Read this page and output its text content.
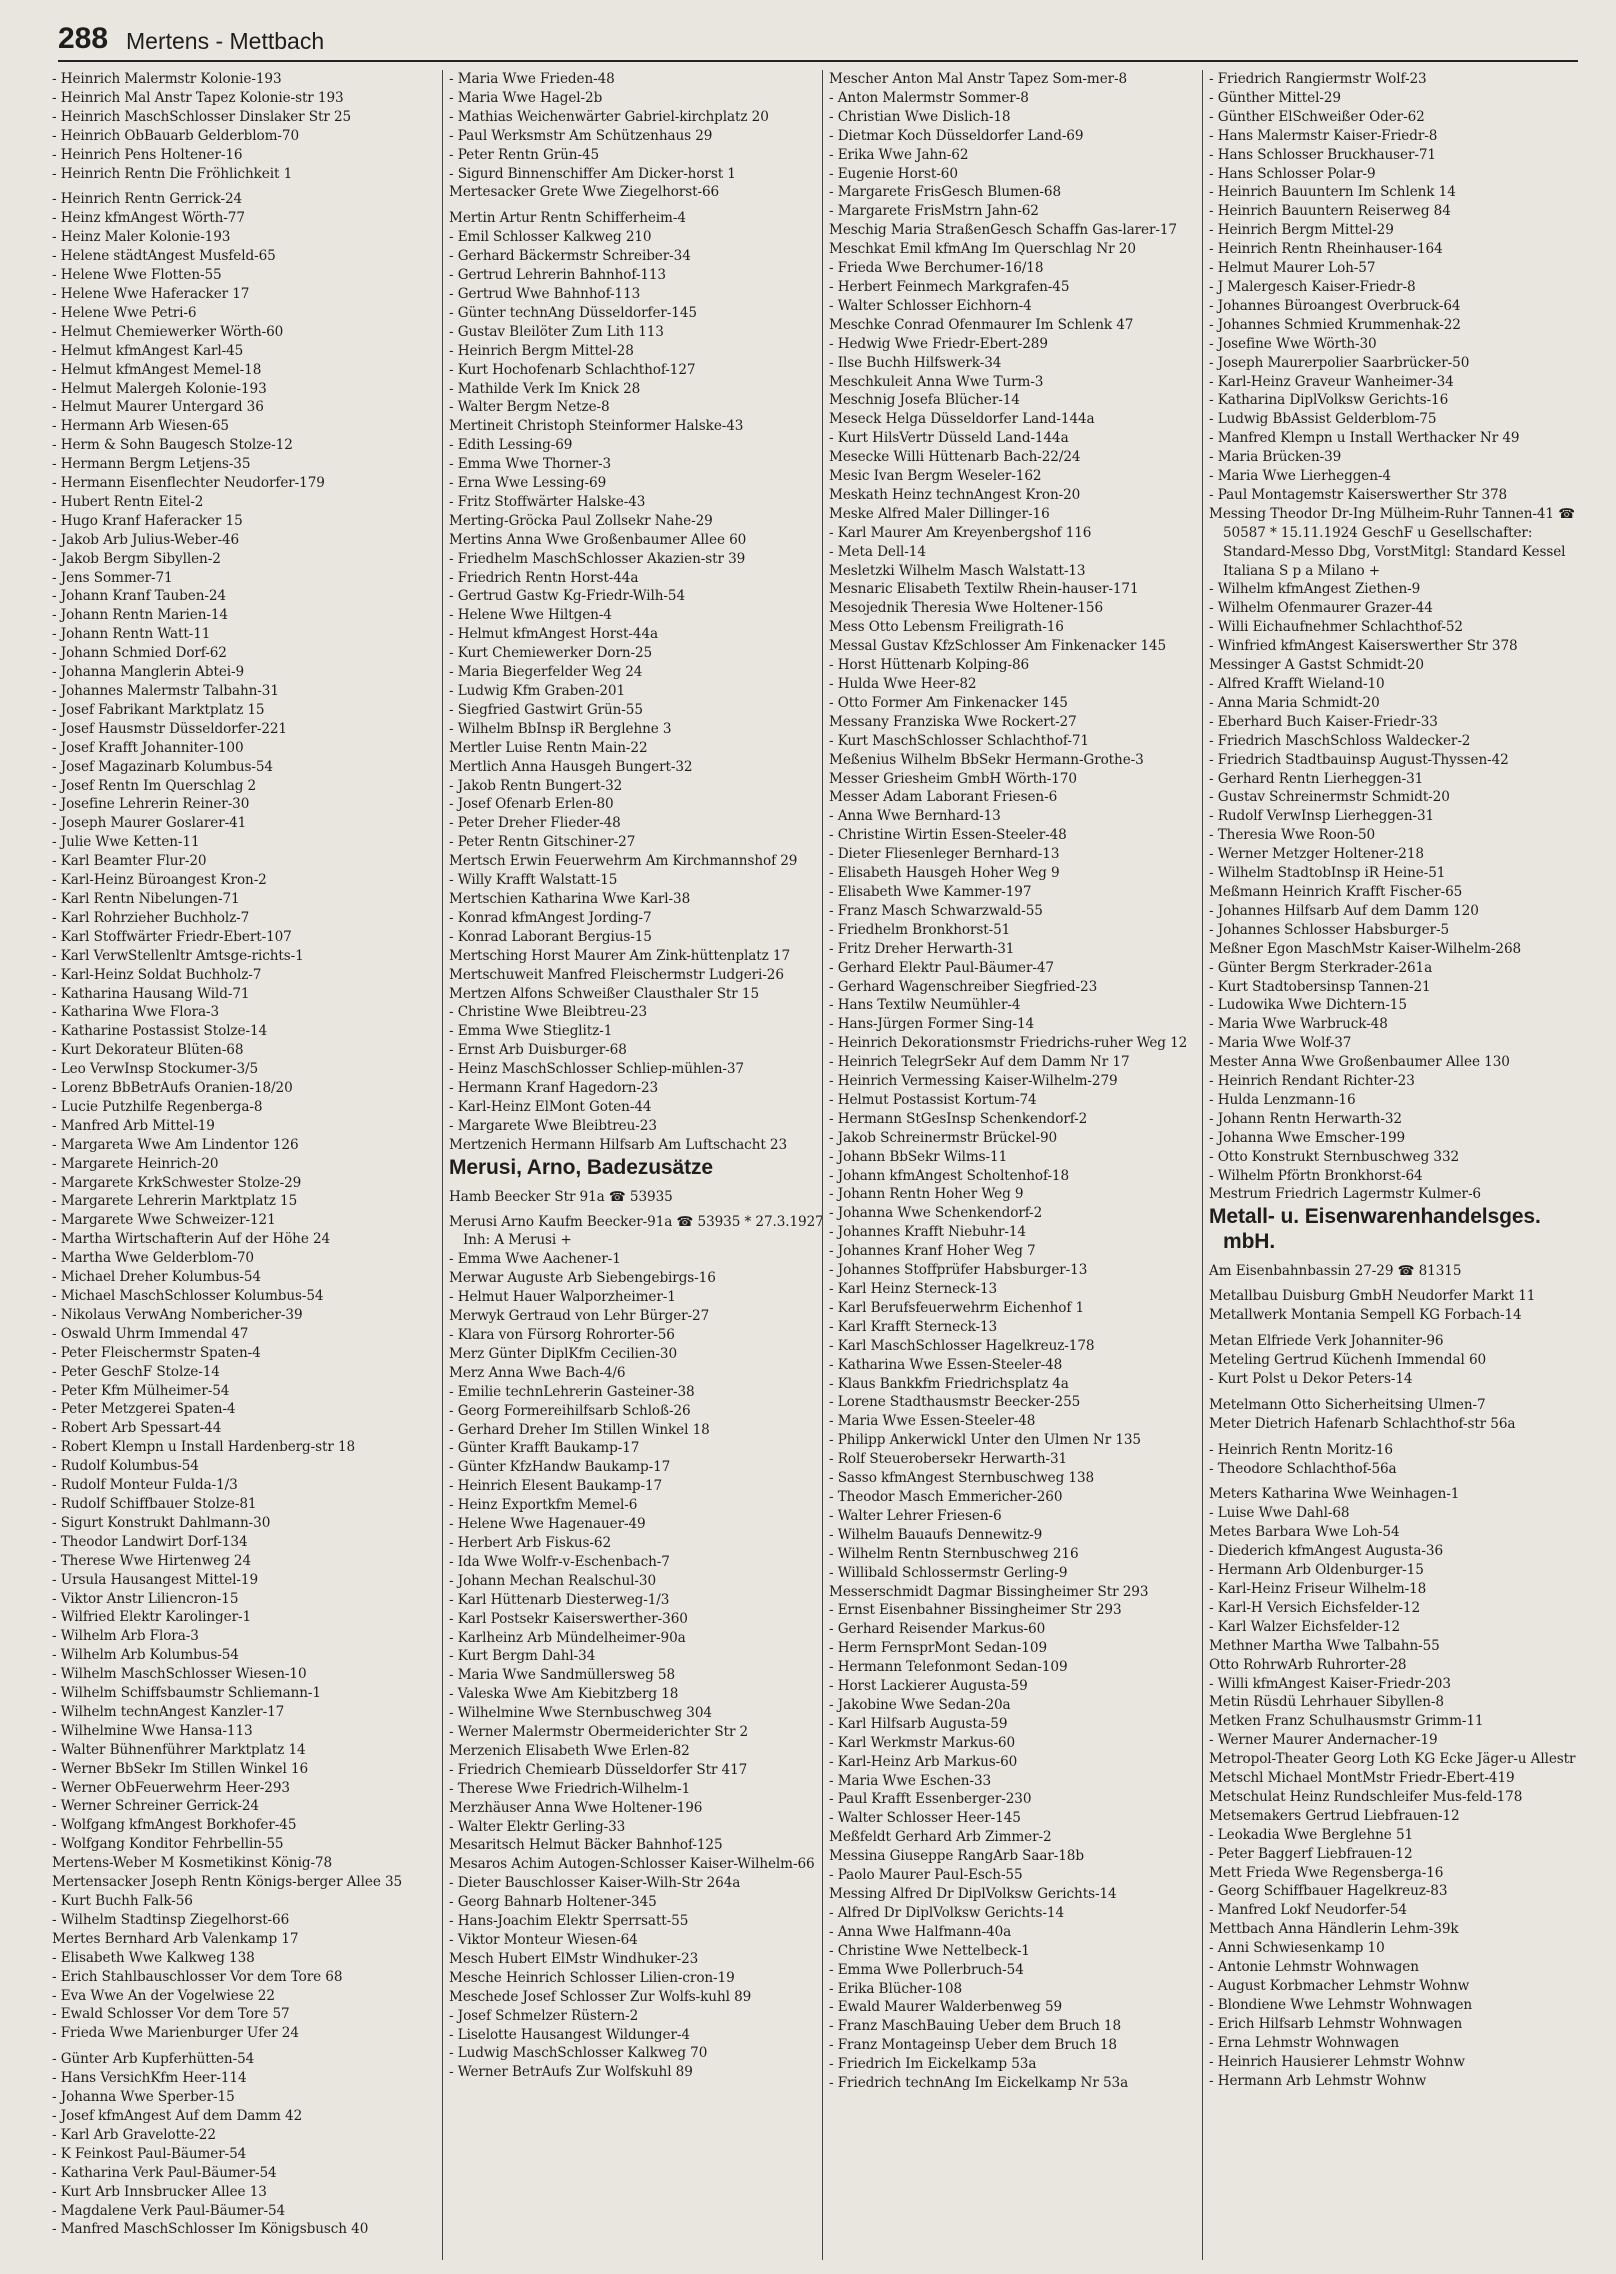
288 Mertens - Mettbach

- Heinrich Malermstr Kolonie-193

- Heinrich Mal Anstr Tapez Kolonie-str 193

- Heinrich MaschSchlosser Dinslaker Str 25

- Heinrich ObBauarb Gelderblom-70

- Heinrich Pens Holtener-16

- Heinrich Rentn Die Fröhlichkeit 1

- Heinrich Rentn Gerrick-24

- Heinz kfmAngest Wörth-77

- Heinz Maler Kolonie-193

- Helene städtAngest Musfeld-65

- Helene Wwe Flotten-55

- Helene Wwe Haferacker 17

- Helene Wwe Petri-6

- Helmut Chemiewerker Wörth-60

- Helmut kfmAngest Karl-45

- Helmut kfmAngest Memel-18

- Helmut Malergeh Kolonie-193

- Helmut Maurer Untergard 36

- Hermann Arb Wiesen-65

- Herm & Sohn Baugesch Stolze-12

- Hermann Bergm Letjens-35

- Hermann Eisenflechter Neudorfer-179

- Hubert Rentn Eitel-2

- Hugo Kranf Haferacker 15

- Jakob Arb Julius-Weber-46

- Jakob Bergm Sibyllen-2

- Jens Sommer-71

- Johann Kranf Tauben-24

- Johann Rentn Marien-14

- Johann Rentn Watt-11

- Johann Schmied Dorf-62

- Johanna Manglerin Abtei-9

- Johannes Malermstr Talbahn-31

- Josef Fabrikant Marktplatz 15

- Josef Hausmstr Düsseldorfer-221

- Josef Krafft Johanniter-100

- Josef Magazinarb Kolumbus-54

- Josef Rentn Im Querschlag 2

- Josefine Lehrerin Reiner-30

- Joseph Maurer Goslarer-41

- Julie Wwe Ketten-11

- Karl Beamter Flur-20

- Karl-Heinz Büroangest Kron-2

- Karl Rentn Nibelungen-71

- Karl Rohrzieher Buchholz-7

- Karl Stoffwärter Friedr-Ebert-107

- Karl VerwStellenltr Amtsge-richts-1

- Karl-Heinz Soldat Buchholz-7

- Katharina Hausang Wild-71

- Katharina Wwe Flora-3

- Katharine Postassist Stolze-14

- Kurt Dekorateur Blüten-68

- Leo VerwInsp Stockumer-3/5

- Lorenz BbBetrAufs Oranien-18/20

- Lucie Putzhilfe Regenberga-8

- Manfred Arb Mittel-19

- Margareta Wwe Am Lindentor 126

- Margarete Heinrich-20

- Margarete KrkSchwester Stolze-29

- Margarete Lehrerin Marktplatz 15

- Margarete Wwe Schweizer-121

- Martha Wirtschafterin Auf der Höhe 24

- Martha Wwe Gelderblom-70

- Michael Dreher Kolumbus-54

- Michael MaschSchlosser Kolumbus-54

- Nikolaus VerwAng Nombericher-39

- Oswald Uhrm Immendal 47

- Peter Fleischermstr Spaten-4

- Peter GeschF Stolze-14

- Peter Kfm Mülheimer-54

- Peter Metzgerei Spaten-4

- Robert Arb Spessart-44

- Robert Klempn u Install Hardenberg-str 18

- Rudolf Kolumbus-54

- Rudolf Monteur Fulda-1/3

- Rudolf Schiffbauer Stolze-81

- Sigurt Konstrukt Dahlmann-30

- Theodor Landwirt Dorf-134

- Therese Wwe Hirtenweg 24

- Ursula Hausangest Mittel-19

- Viktor Anstr Liliencron-15

- Wilfried Elektr Karolinger-1

- Wilhelm Arb Flora-3

- Wilhelm Arb Kolumbus-54

- Wilhelm MaschSchlosser Wiesen-10

- Wilhelm Schiffsbaumstr Schliemann-1

- Wilhelm technAngest Kanzler-17

- Wilhelmine Wwe Hansa-113

- Walter Bühnenführer Marktplatz 14

- Werner BbSekr Im Stillen Winkel 16

- Werner ObFeuerwehrm Heer-293

- Werner Schreiner Gerrick-24

- Wolfgang kfmAngest Borkhofer-45

- Wolfgang Konditor Fehrbellin-55

Mertens-Weber M Kosmetikinst König-78

Mertensacker Joseph Rentn Königs-berger Allee 35

- Kurt Buchh Falk-56

- Wilhelm Stadtinsp Ziegelhorst-66

Mertes Bernhard Arb Valenkamp 17

- Elisabeth Wwe Kalkweg 138

- Erich Stahlbauschlosser Vor dem Tore 68

- Eva Wwe An der Vogelwiese 22

- Ewald Schlosser Vor dem Tore 57

- Frieda Wwe Marienburger Ufer 24

- Günter Arb Kupferhütten-54

- Hans VersichKfm Heer-114

- Johanna Wwe Sperber-15

- Josef kfmAngest Auf dem Damm 42

- Karl Arb Gravelotte-22

- K Feinkost Paul-Bäumer-54

- Katharina Verk Paul-Bäumer-54

- Kurt Arb Innsbrucker Allee 13

- Magdalene Verk Paul-Bäumer-54

- Manfred MaschSchlosser Im Königsbusch 40

- Maria Wwe Frieden-48

- Maria Wwe Hagel-2b

- Mathias Weichenwärter Gabriel-kirchplatz 20

- Paul Werksmstr Am Schützenhaus 29

- Peter Rentn Grün-45

- Sigurd Binnenschiffer Am Dicker-horst 1

Mertesacker Grete Wwe Ziegelhorst-66

Mertin Artur Rentn Schifferheim-4

- Emil Schlosser Kalkweg 210

- Gerhard Bäckermstr Schreiber-34

- Gertrud Lehrerin Bahnhof-113

- Gertrud Wwe Bahnhof-113

- Günter technAng Düsseldorfer-145

- Gustav Bleilöter Zum Lith 113

- Heinrich Bergm Mittel-28

- Kurt Hochofenarb Schlachthof-127

- Mathilde Verk Im Knick 28

- Walter Bergm Netze-8

Mertineit Christoph Steinformer Halske-43

- Edith Lessing-69

- Emma Wwe Thorner-3

- Erna Wwe Lessing-69

- Fritz Stoffwärter Halske-43

Merting-Gröcka Paul Zollsekr Nahe-29

Mertins Anna Wwe Großenbaumer Allee 60

- Friedhelm MaschSchlosser Akazien-str 39

- Friedrich Rentn Horst-44a

- Gertrud Gastw Kg-Friedr-Wilh-54

- Helene Wwe Hiltgen-4

- Helmut kfmAngest Horst-44a

- Kurt Chemiewerker Dorn-25

- Maria Biegerfelder Weg 24

- Ludwig Kfm Graben-201

- Siegfried Gastwirt Grün-55

- Wilhelm BbInsp iR Berglehne 3

Mertler Luise Rentn Main-22

Mertlich Anna Hausgeh Bungert-32

- Jakob Rentn Bungert-32

- Josef Ofenarb Erlen-80

- Peter Dreher Flieder-48

- Peter Rentn Gitschiner-27

Mertsch Erwin Feuerwehrm Am Kirchmannshof 29

- Willy Krafft Walstatt-15

Mertschien Katharina Wwe Karl-38

- Konrad kfmAngest Jording-7

- Konrad Laborant Bergius-15

Mertsching Horst Maurer Am Zink-hüttenplatz 17

Mertschuweit Manfred Fleischermstr Ludgeri-26

Mertzen Alfons Schweißer Clausthaler Str 15

- Christine Wwe Bleibtreu-23

- Emma Wwe Stieglitz-1

- Ernst Arb Duisburger-68

- Heinz MaschSchlosser Schliep-mühlen-37

- Hermann Kranf Hagedorn-23

- Karl-Heinz ElMont Goten-44

- Margarete Wwe Bleibtreu-23

Mertzenich Hermann Hilfsarb Am Luftschacht 23

Merusi, Arno, Badezusätze

Hamb Beecker Str 91a ☎ 53935

Merusi Arno Kaufm Beecker-91a ☎ 53935 * 27.3.1927 Inh: A Merusi +

- Emma Wwe Aachener-1

Merwar Auguste Arb Siebengebirgs-16

- Helmut Hauer Walporzheimer-1

Merwyk Gertraud von Lehr Bürger-27

- Klara von Fürsorg Rohrorter-56

Merz Günter DiplKfm Cecilien-30

Merz Anna Wwe Bach-4/6

- Emilie technLehrerin Gasteiner-38

- Georg Formereihilfsarb Schloß-26

- Gerhard Dreher Im Stillen Winkel 18

- Günter Krafft Baukamp-17

- Günter KfzHandw Baukamp-17

- Heinrich Elesent Baukamp-17

- Heinz Exportkfm Memel-6

- Helene Wwe Hagenauer-49

- Herbert Arb Fiskus-62

- Ida Wwe Wolfr-v-Eschenbach-7

- Johann Mechan Realschul-30

- Karl Hüttenarb Diesterweg-1/3

- Karl Postsekr Kaiserswerther-360

- Karlheinz Arb Mündelheimer-90a

- Kurt Bergm Dahl-34

- Maria Wwe Sandmüllersweg 58

- Valeska Wwe Am Kiebitzberg 18

- Wilhelmine Wwe Sternbuschweg 304

- Werner Malermstr Obermeiderichter Str 2

Merzenich Elisabeth Wwe Erlen-82

- Friedrich Chemiearb Düsseldorfer Str 417

- Therese Wwe Friedrich-Wilhelm-1

Merzhäuser Anna Wwe Holtener-196

- Walter Elektr Gerling-33

Mesaritsch Helmut Bäcker Bahnhof-125

Mesaros Achim Autogen-Schlosser Kaiser-Wilhelm-66

- Dieter Bauschlosser Kaiser-Wilh-Str 264a

- Georg Bahnarb Holtener-345

- Hans-Joachim Elektr Sperrsatt-55

- Viktor Monteur Wiesen-64

Mesch Hubert ElMstr Windhuker-23

Mesche Heinrich Schlosser Lilien-cron-19

Meschede Josef Schlosser Zur Wolfs-kuhl 89

- Josef Schmelzer Rüstern-2

- Liselotte Hausangest Wildunger-4

- Ludwig MaschSchlosser Kalkweg 70

- Werner BetrAufs Zur Wolfskuhl 89

Mescher Anton Mal Anstr Tapez Som-mer-8

- Anton Malermstr Sommer-8

- Christian Wwe Dislich-18

- Dietmar Koch Düsseldorfer Land-69

- Erika Wwe Jahn-62

- Eugenie Horst-60

- Margarete FrisGesch Blumen-68

- Margarete FrisMstrn Jahn-62

Meschig Maria StraßenGesch Schaffn Gas-larer-17

Meschkat Emil kfmAng Im Querschlag Nr 20

- Frieda Wwe Berchumer-16/18

- Herbert Feinmech Markgrafen-45

- Walter Schlosser Eichhorn-4

Meschke Conrad Ofenmaurer Im Schlenk 47

- Hedwig Wwe Friedr-Ebert-289

- Ilse Buchh Hilfswerk-34

Meschkuleit Anna Wwe Turm-3

Meschnig Josefa Blücher-14

Meseck Helga Düsseldorfer Land-144a

- Kurt HilsVertr Düsseld Land-144a

Mesecke Willi Hüttenarb Bach-22/24

Mesic Ivan Bergm Weseler-162

Meskath Heinz technAngest Kron-20

Meske Alfred Maler Dillinger-16

- Karl Maurer Am Kreyenbergshof 116

- Meta Dell-14

Mesletzki Wilhelm Masch Walstatt-13

Mesnaric Elisabeth Textilw Rhein-hauser-171

Mesojednik Theresia Wwe Holtener-156

Mess Otto Lebensm Freiligrath-16

Messal Gustav KfzSchlosser Am Finkenacker 145

- Horst Hüttenarb Kolping-86

- Hulda Wwe Heer-82

- Otto Former Am Finkenacker 145

Messany Franziska Wwe Rockert-27

- Kurt MaschSchlosser Schlachthof-71

Meßenius Wilhelm BbSekr Hermann-Grothe-3

Messer Griesheim GmbH Wörth-170

Messer Adam Laborant Friesen-6

- Anna Wwe Bernhard-13

- Christine Wirtin Essen-Steeler-48

- Dieter Fliesenleger Bernhard-13

- Elisabeth Hausgeh Hoher Weg 9

- Elisabeth Wwe Kammer-197

- Franz Masch Schwarzwald-55

- Friedhelm Bronkhorst-51

- Fritz Dreher Herwarth-31

- Gerhard Elektr Paul-Bäumer-47

- Gerhard Wagenschreiber Siegfried-23

- Hans Textilw Neumühler-4

- Hans-Jürgen Former Sing-14

- Heinrich Dekorationsmstr Friedrichs-ruher Weg 12

- Heinrich TelegrSekr Auf dem Damm Nr 17

- Heinrich Vermessing Kaiser-Wilhelm-279

- Helmut Postassist Kortum-74

- Hermann StGesInsp Schenkendorf-2

- Jakob Schreinermstr Brückel-90

- Johann BbSekr Wilms-11

- Johann kfmAngest Scholtenhof-18

- Johann Rentn Hoher Weg 9

- Johanna Wwe Schenkendorf-2

- Johannes Krafft Niebuhr-14

- Johannes Kranf Hoher Weg 7

- Johannes Stoffprüfer Habsburger-13

- Karl Heinz Sterneck-13

- Karl Berufsfeuerwehrm Eichenhof 1

- Karl Krafft Sterneck-13

- Karl MaschSchlosser Hagelkreuz-178

- Katharina Wwe Essen-Steeler-48

- Klaus Bankkfm Friedrichsplatz 4a

- Lorene Stadthausmstr Beecker-255

- Maria Wwe Essen-Steeler-48

- Philipp Ankerwickl Unter den Ulmen Nr 135

- Rolf Steuerobersekr Herwarth-31

- Sasso kfmAngest Sternbuschweg 138

- Theodor Masch Emmericher-260

- Walter Lehrer Friesen-6

- Wilhelm Bauaufs Dennewitz-9

- Wilhelm Rentn Sternbuschweg 216

- Willibald Schlossermstr Gerling-9

Messerschmidt Dagmar Bissingheimer Str 293

- Ernst Eisenbahner Bissingheimer Str 293

- Gerhard Reisender Markus-60

- Herm FernsprMont Sedan-109

- Hermann Telefonmont Sedan-109

- Horst Lackierer Augusta-59

- Jakobine Wwe Sedan-20a

- Karl Hilfsarb Augusta-59

- Karl Werkmstr Markus-60

- Karl-Heinz Arb Markus-60

- Maria Wwe Eschen-33

- Paul Krafft Essenberger-230

- Walter Schlosser Heer-145

Meßfeldt Gerhard Arb Zimmer-2

Messina Giuseppe RangArb Saar-18b

- Paolo Maurer Paul-Esch-55

Messing Alfred Dr DiplVolksw Gerichts-14

- Alfred Dr DiplVolksw Gerichts-14

- Anna Wwe Halfmann-40a

- Christine Wwe Nettelbeck-1

- Emma Wwe Pollerbruch-54

- Erika Blücher-108

- Ewald Maurer Walderbenweg 59

- Franz MaschBauing Ueber dem Bruch 18

- Franz Montageinsp Ueber dem Bruch 18

- Friedrich Im Eickelkamp 53a

- Friedrich technAng Im Eickelkamp Nr 53a

- Friedrich Rangiermstr Wolf-23

- Günther Mittel-29

- Günther ElSchweißer Oder-62

- Hans Malermstr Kaiser-Friedr-8

- Hans Schlosser Bruckhauser-71

- Hans Schlosser Polar-9

- Heinrich Bauuntern Im Schlenk 14

- Heinrich Bauuntern Reiserweg 84

- Heinrich Bergm Mittel-29

- Heinrich Rentn Rheinhauser-164

- Helmut Maurer Loh-57

- J Malergesch Kaiser-Friedr-8

- Johannes Büroangest Overbruck-64

- Johannes Schmied Krummenhak-22

- Josefine Wwe Wörth-30

- Joseph Maurerpolier Saarbrücker-50

- Karl-Heinz Graveur Wanheimer-34

- Katharina DiplVolksw Gerichts-16

- Ludwig BbAssist Gelderblom-75

- Manfred Klempn u Install Werthacker Nr 49

- Maria Brücken-39

- Maria Wwe Lierheggen-4

- Paul Montagemstr Kaiserswerther Str 378

Messing Theodor Dr-Ing Mülheim-Ruhr Tannen-41 ☎ 50587 * 15.11.1924 GeschF u Gesellschafter: Standard-Messo Dbg, VorstMitgl: Standard Kessel Italiana S p a Milano +

- Wilhelm kfmAngest Ziethen-9

- Wilhelm Ofenmaurer Grazer-44

- Willi Eichaufnehmer Schlachthof-52

- Winfried kfmAngest Kaiserswerther Str 378

Messinger A Gastst Schmidt-20

- Alfred Krafft Wieland-10

- Anna Maria Schmidt-20

- Eberhard Buch Kaiser-Friedr-33

- Friedrich MaschSchloss Waldecker-2

- Friedrich Stadtbauinsp August-Thyssen-42

- Gerhard Rentn Lierheggen-31

- Gustav Schreinermstr Schmidt-20

- Rudolf VerwInsp Lierheggen-31

- Theresia Wwe Roon-50

- Werner Metzger Holtener-218

- Wilhelm StadtobInsp iR Heine-51

Meßmann Heinrich Krafft Fischer-65

- Johannes Hilfsarb Auf dem Damm 120

- Johannes Schlosser Habsburger-5

Meßner Egon MaschMstr Kaiser-Wilhelm-268

- Günter Bergm Sterkrader-261a

- Kurt Stadtobersinsp Tannen-21

- Ludowika Wwe Dichtern-15

- Maria Wwe Warbruck-48

- Maria Wwe Wolf-37

Mester Anna Wwe Großenbaumer Allee 130

- Heinrich Rendant Richter-23

- Hulda Lenzmann-16

- Johann Rentn Herwarth-32

- Johanna Wwe Emscher-199

- Otto Konstrukt Sternbuschweg 332

- Wilhelm Pförtn Bronkhorst-64

Mestrum Friedrich Lagermstr Kulmer-6

Metall- u. Eisenwarenhandelsges. mbH.

Am Eisenbahnbassin 27-29 ☎ 81315

Metallbau Duisburg GmbH Neudorfer Markt 11

Metallwerk Montania Sempell KG Forbach-14

Metan Elfriede Verk Johanniter-96

Meteling Gertrud Küchenh Immendal 60

- Kurt Polst u Dekor Peters-14

Metelmann Otto Sicherheitsing Ulmen-7

Meter Dietrich Hafenarb Schlachthof-str 56a

- Heinrich Rentn Moritz-16

- Theodore Schlachthof-56a

Meters Katharina Wwe Weinhagen-1

- Luise Wwe Dahl-68

Metes Barbara Wwe Loh-54

- Diederich kfmAngest Augusta-36

- Hermann Arb Oldenburger-15

- Karl-Heinz Friseur Wilhelm-18

- Karl-H Versich Eichsfelder-12

- Karl Walzer Eichsfelder-12

Methner Martha Wwe Talbahn-55

Otto RohrwArb Ruhrorter-28

- Willi kfmAngest Kaiser-Friedr-203

Metin Rüsdü Lehrhauer Sibyllen-8

Metken Franz Schulhausmstr Grimm-11

- Werner Maurer Andernacher-19

Metropol-Theater Georg Loth KG Ecke Jäger-u Allestr

Metschl Michael MontMstr Friedr-Ebert-419

Metschulat Heinz Rundschleifer Mus-feld-178

Metsemakers Gertrud Liebfrauen-12

- Leokadia Wwe Berglehne 51

- Peter Baggerf Liebfrauen-12

Mett Frieda Wwe Regensberga-16

- Georg Schiffbauer Hagelkreuz-83

- Manfred Lokf Neudorfer-54

Mettbach Anna Händlerin Lehm-39k

- Anni Schwiesenkamp 10

- Antonie Lehmstr Wohnwagen

- August Korbmacher Lehmstr Wohnw

- Blondiene Wwe Lehmstr Wohnwagen

- Erich Hilfsarb Lehmstr Wohnwagen

- Erna Lehmstr Wohnwagen

- Heinrich Hausierer Lehmstr Wohnw

- Hermann Arb Lehmstr Wohnw
